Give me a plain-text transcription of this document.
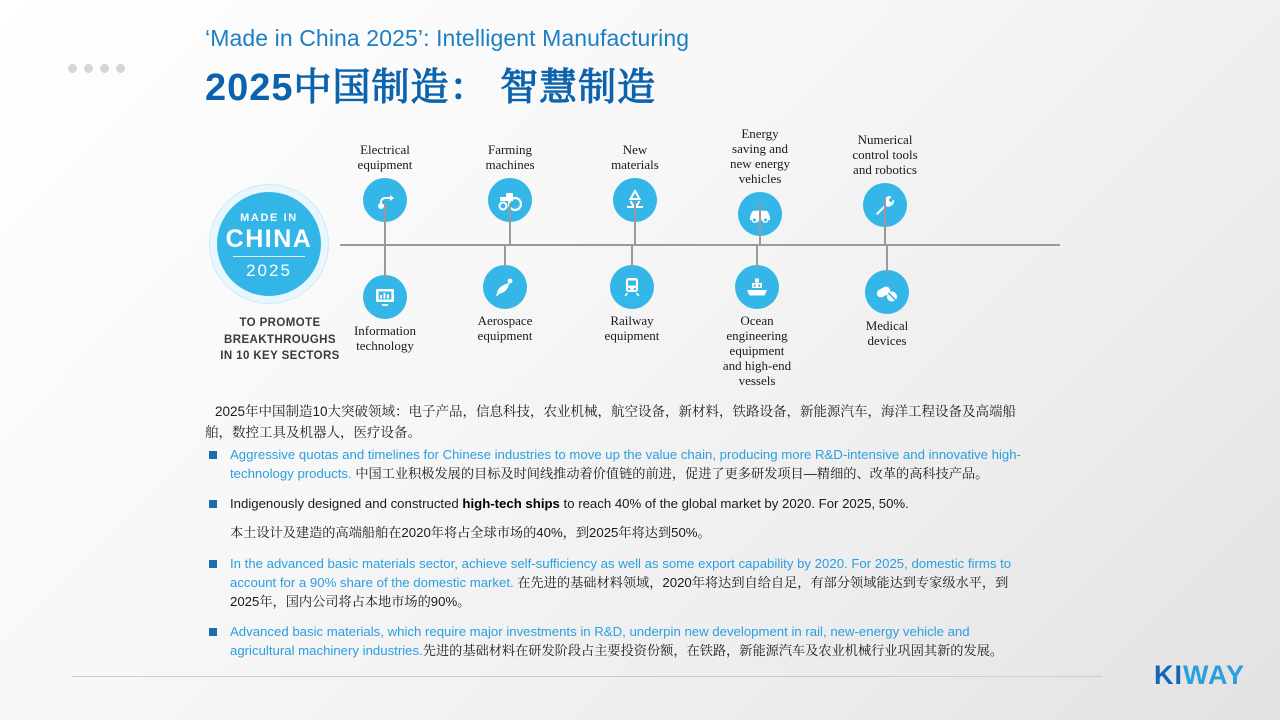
‘Made in China 2025’: Intelligent Manufacturing
2025中国制造： 智慧制造
MADE IN
CHINA
2025
TO PROMOTE BREAKTHROUGHS
IN 10 KEY SECTORS
Electrical
equipment
Farming
machines
New
materials
Energy
saving and
new energy
vehicles
Numerical
control tools
and robotics
Information
technology
Aerospace
equipment
Railway
equipment
Ocean
engineering
equipment
and high-end
vessels
Medical
devices
2025年中国制造10大突破领域：电子产品，信息科技，农业机械，航空设备，新材料，铁路设备，新能源汽车，海洋工程设备及高端船舶，数控工具及机器人，医疗设备。
Aggressive quotas and timelines for Chinese industries to move up the value chain, producing more R&D-intensive and innovative high-technology products. 中国工业积极发展的目标及时间线推动着价值链的前进，促进了更多研发项目—精细的、改革的高科技产品。
Indigenously designed and constructed high-tech ships to reach 40% of the global market by 2020. For 2025, 50%.
本土设计及建造的高端船舶在2020年将占全球市场的40%，到2025年将达到50%。
In the advanced basic materials sector, achieve self-sufficiency as well as some export capability by 2020. For 2025, domestic firms to account for a 90% share of the domestic market. 在先进的基础材料领域，2020年将达到自给自足，有部分领域能达到专家级水平，到2025年，国内公司将占本地市场的90%。
Advanced basic materials, which require major investments in R&D, underpin new development in rail, new-energy vehicle and agricultural machinery industries.先进的基础材料在研发阶段占主要投资份额，在铁路，新能源汽车及农业机械行业巩固其新的发展。
KIWAY
